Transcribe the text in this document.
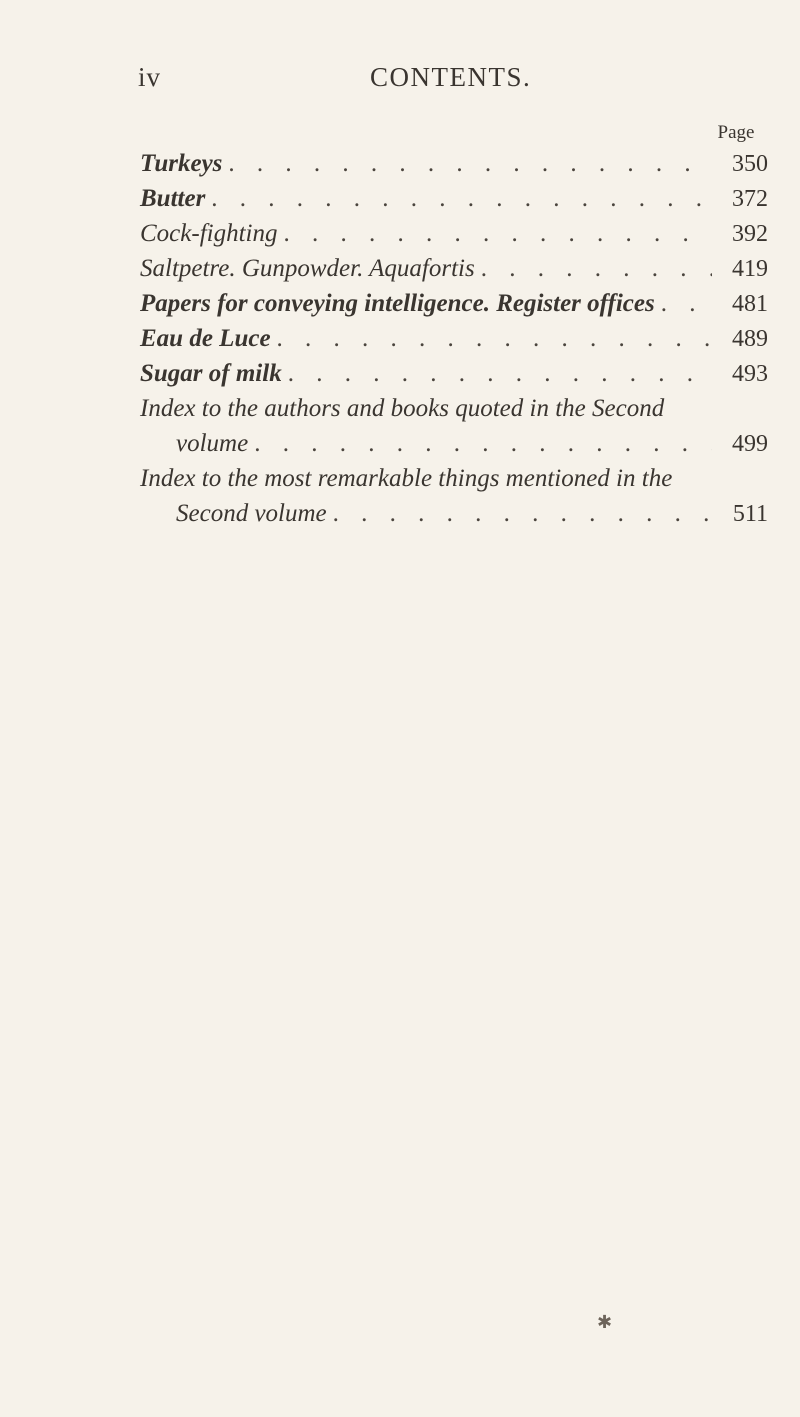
iv	CONTENTS.
Page
Turkeys . . .	350
Butter . . .	372
Cock-fighting . . .	392
Saltpetre. Gunpowder. Aquafortis . . .	419
Papers for conveying intelligence. Register offices . . .	481
Eau de Luce . . .	489
Sugar of milk . . .	493
Index to the authors and books quoted in the Second
volume . . .	499
Index to the most remarkable things mentioned in the
Second volume . . .	511
✱
